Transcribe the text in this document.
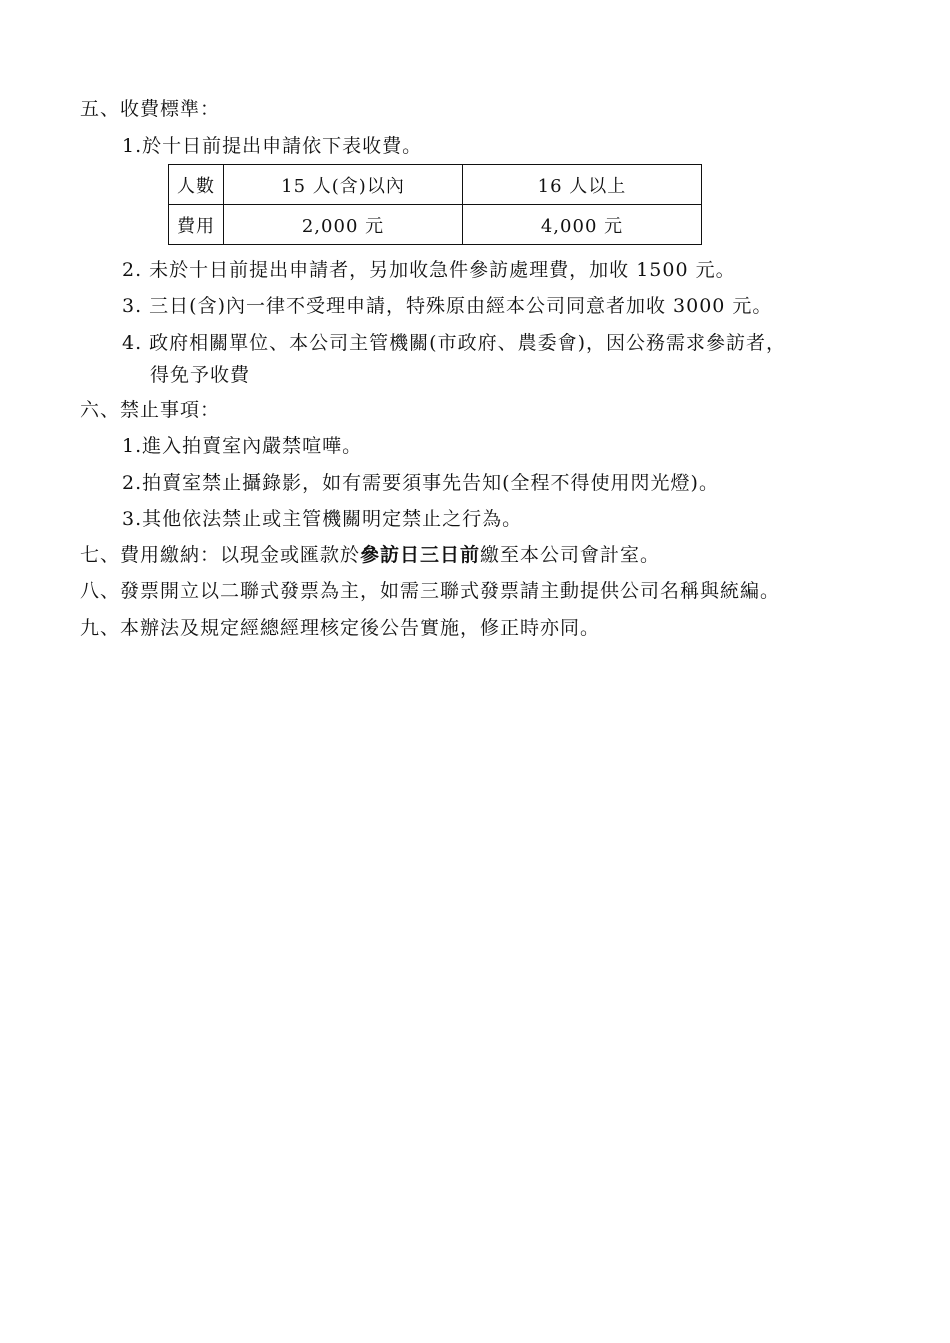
五、收費標準：
1.於十日前提出申請依下表收費。
人數	15 人(含)以內	16 人以上
費用	2,000 元	4,000 元
2. 未於十日前提出申請者，另加收急件參訪處理費，加收 1500 元。
3. 三日(含)內一律不受理申請，特殊原由經本公司同意者加收 3000 元。
4. 政府相關單位、本公司主管機關(市政府、農委會)，因公務需求參訪者，
得免予收費
六、禁止事項：
1.進入拍賣室內嚴禁喧嘩。
2.拍賣室禁止攝錄影，如有需要須事先告知(全程不得使用閃光燈)。
3.其他依法禁止或主管機關明定禁止之行為。
七、費用繳納：以現金或匯款於參訪日三日前繳至本公司會計室。
八、發票開立以二聯式發票為主，如需三聯式發票請主動提供公司名稱與統編。
九、本辦法及規定經總經理核定後公告實施，修正時亦同。
